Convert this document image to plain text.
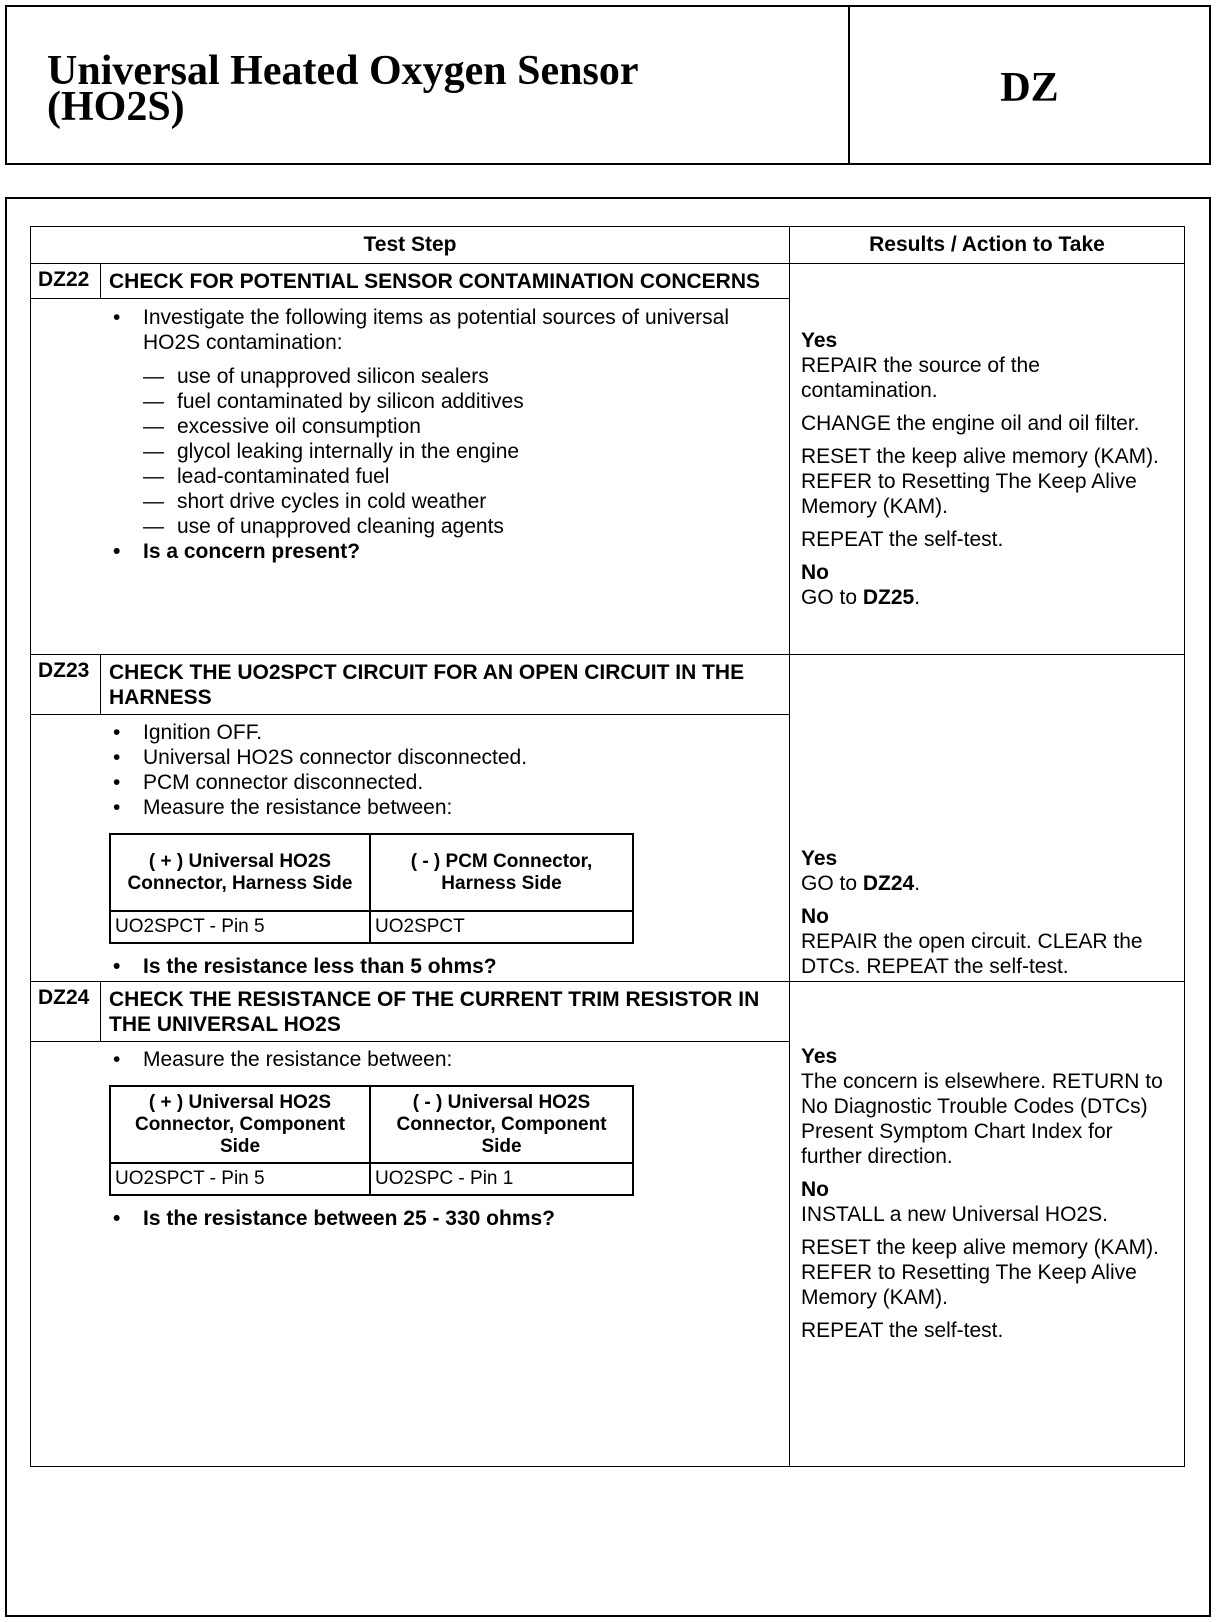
Universal Heated Oxygen Sensor
(HO2S)	DZ
Test Step	Results / Action to Take
DZ22 CHECK FOR POTENTIAL SENSOR CONTAMINATION CONCERNS
• Investigate the following items as potential sources of universal HO2S contamination:
— use of unapproved silicon sealers
— fuel contaminated by silicon additives
— excessive oil consumption
— glycol leaking internally in the engine
— lead-contaminated fuel
— short drive cycles in cold weather
— use of unapproved cleaning agents
• Is a concern present?

Yes

REPAIR the source of the contamination.

CHANGE the engine oil and oil filter.

RESET the keep alive memory (KAM). REFER to Resetting The Keep Alive Memory (KAM).

REPEAT the self-test.

No

GO to DZ25.

DZ23 CHECK THE UO2SPCT CIRCUIT FOR AN OPEN CIRCUIT IN THE HARNESS
• Ignition OFF.
• Universal HO2S connector disconnected.
• PCM connector disconnected.
• Measure the resistance between:
( + ) Universal HO2S Connector, Harness Side	( - ) PCM Connector, Harness Side
UO2SPCT - Pin 5	UO2SPCT
• Is the resistance less than 5 ohms?

Yes

GO to DZ24.

No

REPAIR the open circuit. CLEAR the DTCs. REPEAT the self-test.

DZ24 CHECK THE RESISTANCE OF THE CURRENT TRIM RESISTOR IN THE UNIVERSAL HO2S
• Measure the resistance between:
( + ) Universal HO2S Connector, Component Side	( - ) Universal HO2S Connector, Component Side
UO2SPCT - Pin 5	UO2SPC - Pin 1
• Is the resistance between 25 - 330 ohms?

Yes

The concern is elsewhere. RETURN to No Diagnostic Trouble Codes (DTCs) Present Symptom Chart Index for further direction.

No

INSTALL a new Universal HO2S.

RESET the keep alive memory (KAM). REFER to Resetting The Keep Alive Memory (KAM).

REPEAT the self-test.
